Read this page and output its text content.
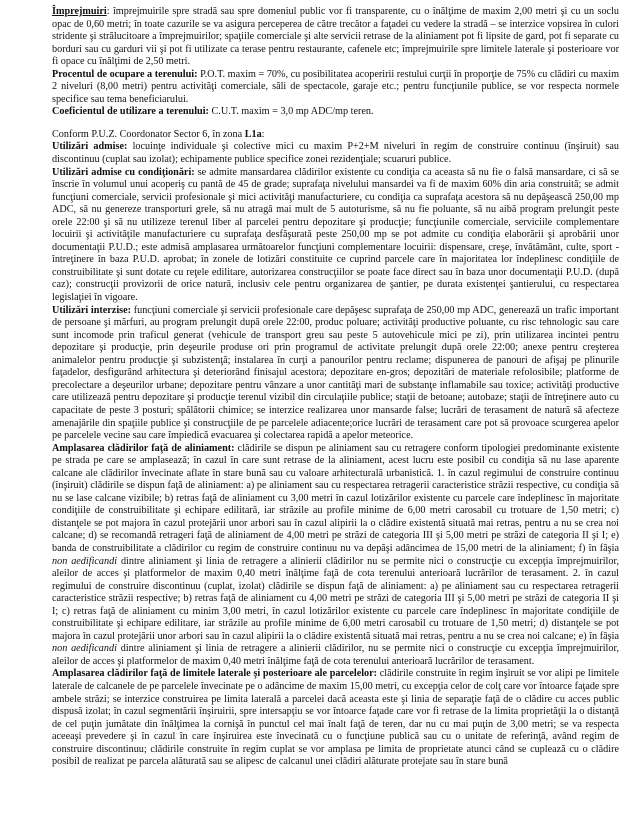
Împrejmuiri: împrejmuirile spre stradă sau spre domeniul public vor fi transparente, cu o înălţime de maxim 2,00 metri şi cu un soclu opac de 0,60 metri; în toate cazurile se va asigura perceperea de către trecător a faţadei cu vedere la stradă – se interzice vopsirea în culori stridente şi strălucitoare a împrejmuirilor; spaţiile comerciale şi alte servicii retrase de la aliniament pot fi lipsite de gard, pot fi separate cu borduri sau cu garduri vii şi pot fi utilizate ca terase pentru restaurante, cafenele etc; împrejmuirile spre limitele laterale şi posterioare vor fi opace cu înălţimi de 2,50 metri.

Procentul de ocupare a terenului: P.O.T. maxim = 70%, cu posibilitatea acoperirii restului curţii în proporţie de 75% cu clădiri cu maxim 2 niveluri (8,00 metri) pentru activităţi comerciale, săli de spectacole, garaje etc.; pentru funcţiunile publice, se vor respecta normele specifice sau tema beneficiarului.

Coeficientul de utilizare a terenului: C.U.T. maxim = 3,0 mp ADC/mp teren.

Conform P.U.Z. Coordonator Sector 6, în zona L1a:

Utilizări admise: locuinţe individuale şi colective mici cu maxim P+2+M niveluri în regim de construire continuu (înşiruit) sau discontinuu (cuplat sau izolat); echipamente publice specifice zonei rezidenţiale; scuaruri publice.

Utilizări admise cu condiţionări: se admite mansardarea clădirilor existente cu condiţia ca aceasta să nu fie o falsă mansardare, ci să se înscrie în volumul unui acoperiş cu pantă de 45 de grade; suprafaţa nivelului mansardei va fi de maxim 60% din aria construită; se admit funcţiuni comerciale, servicii profesionale şi mici activităţi manufacturiere, cu condiţia ca suprafaţa acestora să nu depăşească 250,00 mp ADC, să nu genereze transporturi grele, să nu atragă mai mult de 5 autoturisme, să nu fie poluante, să nu aibă program prelungit peste orele 22:00 şi să nu utilizeze terenul liber al parcelei pentru depozitare şi producţie; funcţiunile comerciale, serviciile complementare locuirii şi activităţile manufacturiere cu suprafaţa desfăşurată peste 250,00 mp se pot admite cu condiţia elaborării şi aprobării unor documentaţii P.U.D.; este admisă amplasarea următoarelor funcţiuni complementare locuirii: dispensare, creşe, învătământ, culte, sport - întreţinere în baza P.U.D. aprobat; în zonele de lotizări constituite ce cuprind parcele care în majoritatea lor îndeplinesc condiţiile de construibilitate şi sunt dotate cu reţele edilitare, autorizarea construcţiilor se poate face direct sau în baza unor documentaţii P.U.D. (după caz); construcţii provizorii de orice natură, inclusiv cele pentru organizarea de şantier, pe durata existenţei şantierului, cu respectarea legislaţiei în vigoare.

Utilizări interzise: funcţiuni comerciale şi servicii profesionale care depăşesc suprafaţa de 250,00 mp ADC, generează un trafic important de persoane şi mărfuri, au program prelungit după orele 22:00, produc poluare; activităţi productive poluante, cu risc tehnologic sau care sunt incomode prin traficul generat (vehicule de transport greu sau peste 5 autovehicule mici pe zi), prin utilizarea incintei pentru depozitare şi producţie, prin deşeurile produse ori prin programul de activitate prelungit după orele 22:00; anexe pentru creşterea animalelor pentru producţie şi subzistenţă; instalarea în curţi a panourilor pentru reclame; dispunerea de panouri de afişaj pe plinurile faţadelor, desfigurând arhitectura şi deteriorând finisajul acestora; depozitare en-gros; depozitări de materiale refolosibile; platforme de precolectare a deşeurilor urbane; depozitare pentru vânzare a unor cantităţi mari de substanţe inflamabile sau toxice; activităţi productive care utilizează pentru depozitare şi producţie terenul vizibil din circulaţiile publice; staţii de betoane; autobaze; staţii de întreţinere auto cu capacitate de peste 3 posturi; spălătorii chimice; se interzice realizarea unor mansarde false; lucrări de terasament de natură să afecteze amenajările din spaţiile publice şi construcţiile de pe parcelele adiacente;orice lucrări de terasament care pot să provoace scurgerea apelor pe parcelele vecine sau care împiedică evacuarea şi colectarea rapidă a apelor meteorice.

Amplasarea clădirilor faţă de aliniament: clădirile se dispun pe aliniament sau cu retragere conform tipologiei predominante existente pe strada pe care se amplasează; în cazul în care sunt retrase de la aliniament, acest lucru este posibil cu condiţia să nu lase aparente calcane ale clădirilor învecinate aflate în stare bună sau cu valoare arhitecturală urbanistică. 1. în cazul regimului de construire continuu (înşiruit) clădirile se dispun faţă de aliniament: a) pe aliniament sau cu respectarea retragerii caracteristice străzii respective, cu condiţia să nu se lase calcane vizibile; b) retras faţă de aliniament cu 3,00 metri în cazul lotizărilor existente cu parcele care îndeplinesc în majoritate condiţiile de construibilitate şi echipare edilitară, iar străzile au profile minime de 6,00 metri carosabil cu trotuare de 1,50 metri; c) distanţele se pot majora în cazul protejării unor arbori sau în cazul alipirii la o clădire existentă situată mai retras, pentru a nu se crea noi calcane; d) se recomandă retrageri faţă de aliniament de 4,00 metri pe străzi de categoria III şi 5,00 metri pe străzi de categoria II şi I; e) banda de construibilitate a clădirilor cu regim de construire continuu nu va depăşi adâncimea de 15,00 metri de la aliniament; f) în fâşia non aedificandi dintre aliniament şi linia de retragere a alinierii clădirilor nu se permite nici o construcţie cu excepţia împrejmuirilor, aleilor de acces şi platformelor de maxim 0,40 metri înălţime faţă de cota terenului anterioară lucrărilor de terasament. 2. în cazul regimului de construire discontinuu (cuplat, izolat) clădirile se dispun faţă de aliniament: a) pe aliniament sau cu respectarea retragerii caracteristice străzii respective; b) retras faţă de aliniament cu 4,00 metri pe străzi de categoria III şi 5,00 metri pe străzi de categoria II şi I; c) retras faţă de aliniament cu minim 3,00 metri, în cazul lotizărilor existente cu parcele care îndeplinesc în majoritate condiţiile de construibilitate şi echipare edilitare, iar străzile au profile minime de 6,00 metri carosabil cu trotuare de 1,50 metri; d) distanţele se pot majora în cazul protejării unor arbori sau în cazul alipirii la o clădire existentă situată mai retras, pentru a nu se crea noi calcane; e) în fâşia non aedificandi dintre aliniament şi linia de retragere a alinierii clădirilor, nu se permite nici o construcţie cu excepţia împrejmuirilor, aleilor de acces şi platformelor de maxim 0,40 metri înălţime faţă de cota terenului anterioară lucrărilor de terasament.

Amplasarea clădirilor faţă de limitele laterale şi posterioare ale parcelelor: clădirile construite în regim înşiruit se vor alipi pe limitele laterale de calcanele de pe parcelele învecinate pe o adâncime de maxim 15,00 metri, cu excepţia celor de colţ care vor întoarce faţade spre ambele străzi; se interzice construirea pe limita laterală a parcelei dacă aceasta este şi linia de separaţie faţă de o clădire cu acces public dispusă izolat; în cazul segmentării înşiruirii, spre intersapţiu se vor întoarce faţade care vor fi retrase de la limita proprietăţii la o distanţă de cel puţin jumătate din înălţimea la cornişă în punctul cel mai înalt faţă de teren, dar nu cu mai puţin de 3,00 metri; se va respecta aceeaşi prevedere şi în cazul în care înşiruirea este învecinată cu o funcţiune publică sau cu o unitate de referinţă, având regim de construire discontinuu; clădirile construite în regim cuplat se vor amplasa pe limita de proprietate atunci când se cuplează cu o clădire posibil de realizat pe parcela alăturată sau se alipesc de calcanul unei clădiri alăturate protejate sau în stare bună
